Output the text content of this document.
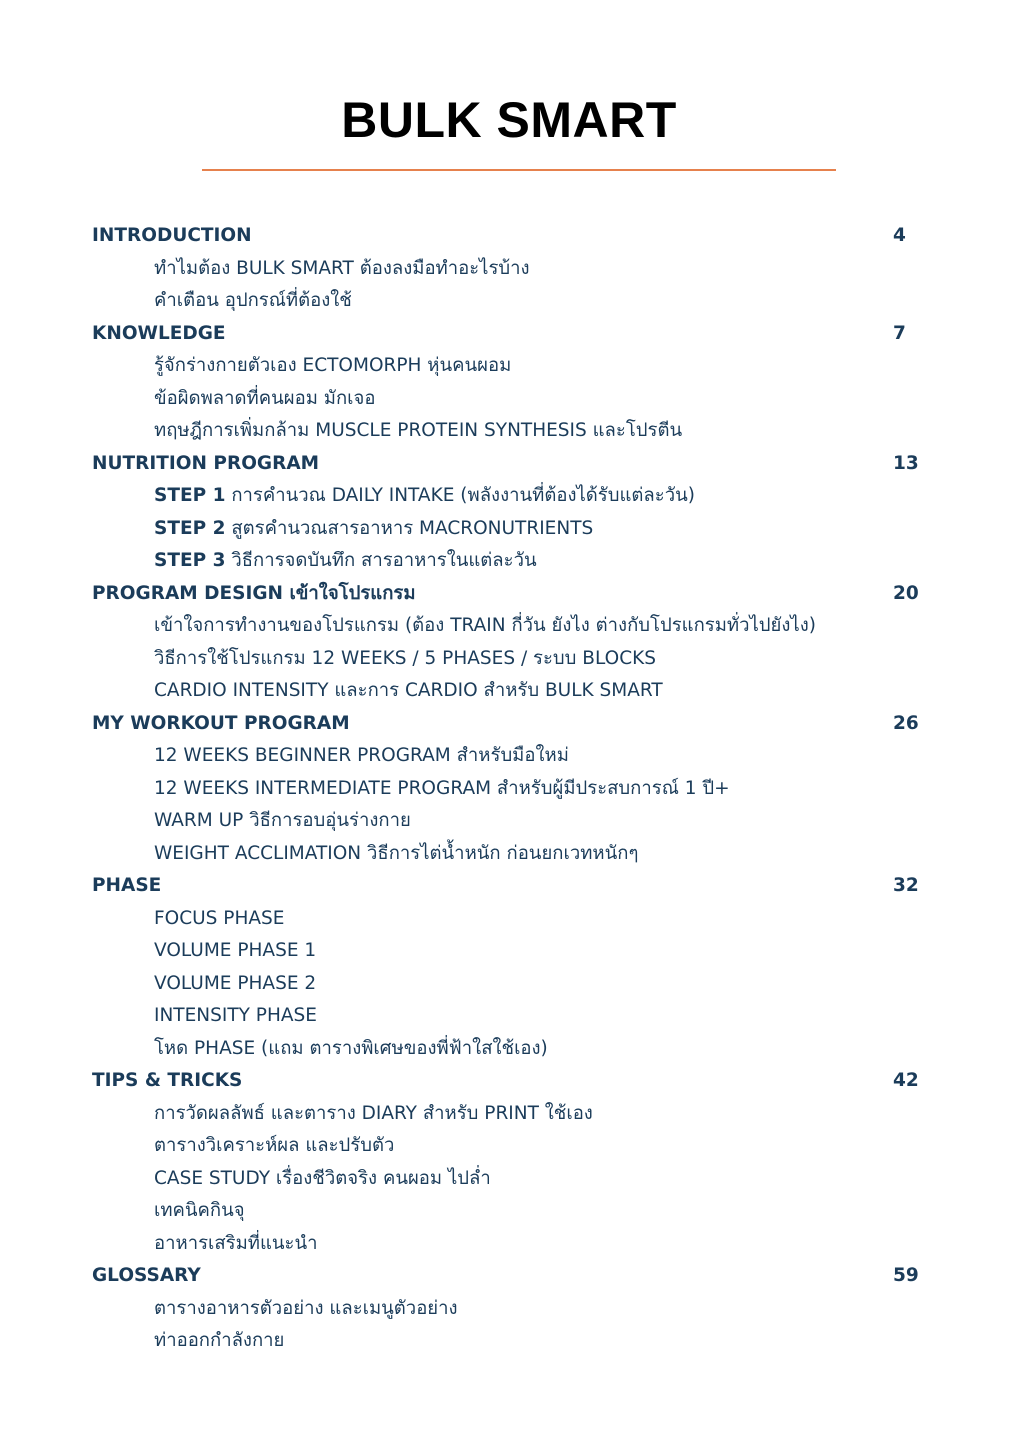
BULK SMART
INTRODUCTION	4
ทำไมต้อง BULK SMART ต้องลงมือทำอะไรบ้าง
คำเตือน อุปกรณ์ที่ต้องใช้
KNOWLEDGE	7
รู้จักร่างกายตัวเอง ECTOMORPH หุ่นคนผอม
ข้อผิดพลาดที่คนผอม มักเจอ
ทฤษฎีการเพิ่มกล้าม MUSCLE PROTEIN SYNTHESIS และโปรตีน
NUTRITION PROGRAM	13
STEP 1 การคำนวณ DAILY INTAKE (พลังงานที่ต้องได้รับแต่ละวัน)
STEP 2 สูตรคำนวณสารอาหาร MACRONUTRIENTS
STEP 3 วิธีการจดบันทึก สารอาหารในแต่ละวัน
PROGRAM DESIGN เข้าใจโปรแกรม	20
เข้าใจการทำงานของโปรแกรม (ต้อง TRAIN กี่วัน ยังไง ต่างกับโปรแกรมทั่วไปยังไง)
วิธีการใช้โปรแกรม 12 WEEKS / 5 PHASES / ระบบ BLOCKS
CARDIO INTENSITY และการ CARDIO สำหรับ BULK SMART
MY WORKOUT PROGRAM	26
12 WEEKS BEGINNER PROGRAM สำหรับมือใหม่
12 WEEKS INTERMEDIATE PROGRAM สำหรับผู้มีประสบการณ์ 1 ปี+
WARM UP วิธีการอบอุ่นร่างกาย
WEIGHT ACCLIMATION วิธีการไต่น้ำหนัก ก่อนยกเวทหนักๆ
PHASE	32
FOCUS PHASE
VOLUME PHASE 1
VOLUME PHASE 2
INTENSITY PHASE
โหด PHASE (แถม ตารางพิเศษของพี่ฟ้าใสใช้เอง)
TIPS & TRICKS	42
การวัดผลลัพธ์ และตาราง DIARY สำหรับ PRINT ใช้เอง
ตารางวิเคราะห์ผล และปรับตัว
CASE STUDY เรื่องชีวิตจริง คนผอม ไปล่ำ
เทคนิคกินจุ
อาหารเสริมที่แนะนำ
GLOSSARY	59
ตารางอาหารตัวอย่าง และเมนูตัวอย่าง
ท่าออกกำลังกาย
